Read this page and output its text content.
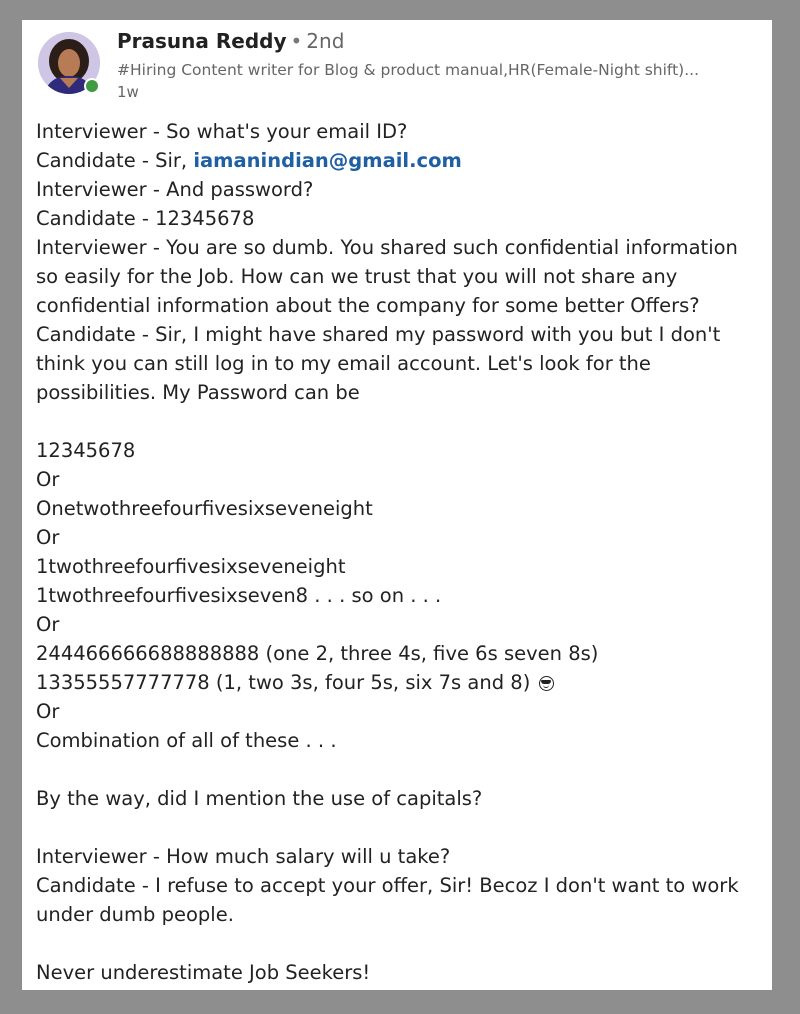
Prasuna Reddy • 2nd
#Hiring Content writer for Blog & product manual,HR(Female-Night shift)...
1w
Interviewer - So what's your email ID?
Candidate - Sir, iamanindian@gmail.com
Interviewer - And password?
Candidate - 12345678
Interviewer - You are so dumb. You shared such confidential information
so easily for the Job. How can we trust that you will not share any
confidential information about the company for some better Offers?
Candidate - Sir, I might have shared my password with you but I don't
think you can still log in to my email account. Let's look for the
possibilities. My Password can be
12345678
Or
Onetwothreefourfivesixseveneight
Or
1twothreefourfivesixseveneight
1twothreefourfivesixseven8 . . . so on . . .
Or
244466666688888888 (one 2, three 4s, five 6s seven 8s)
13355557777778 (1, two 3s, four 5s, six 7s and 8)
Or
Combination of all of these . . .
By the way, did I mention the use of capitals?
Interviewer - How much salary will u take?
Candidate - I refuse to accept your offer, Sir! Becoz I don't want to work
under dumb people.
Never underestimate Job Seekers!
